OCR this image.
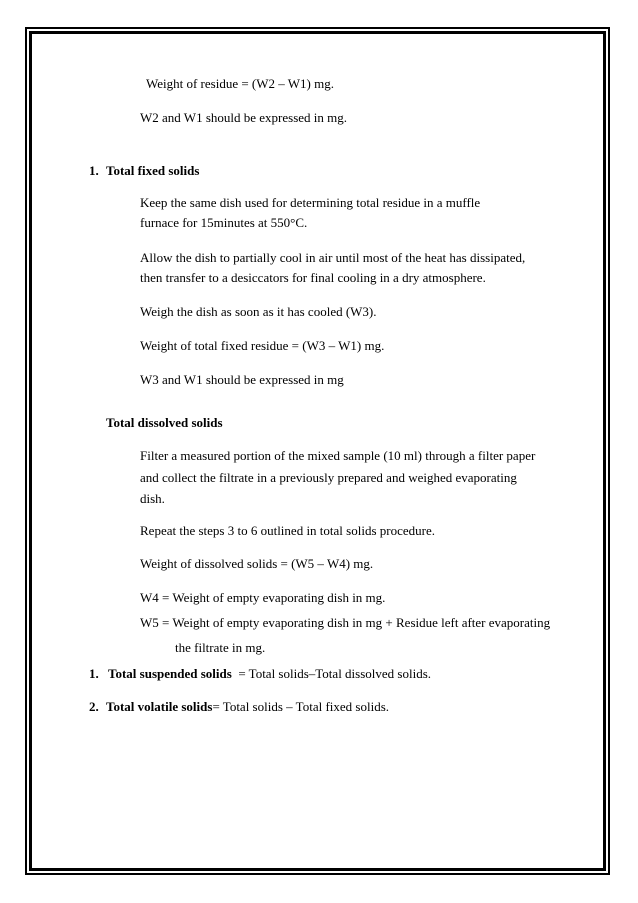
Weight of residue = (W2 – W1) mg.
W2 and W1 should be expressed in mg.
1. Total fixed solids
Keep the same dish used for determining total residue in a muffle
furnace for 15minutes at 550°C.
Allow the dish to partially cool in air until most of the heat has dissipated,
then transfer to a desiccators for final cooling in a dry atmosphere.
Weigh the dish as soon as it has cooled (W3).
Weight of total fixed residue = (W3 – W1) mg.
W3 and W1 should be expressed in mg
Total dissolved solids
Filter a measured portion of the mixed sample (10 ml) through a filter paper
and collect the filtrate in a previously prepared and weighed evaporating
dish.
Repeat the steps 3 to 6 outlined in total solids procedure.
Weight of dissolved solids = (W5 – W4) mg.
W4 = Weight of empty evaporating dish in mg.
W5 = Weight of empty evaporating dish in mg + Residue left after evaporating
the filtrate in mg.
1. Total suspended solids  = Total solids–Total dissolved solids.
2. Total volatile solids= Total solids – Total fixed solids.
